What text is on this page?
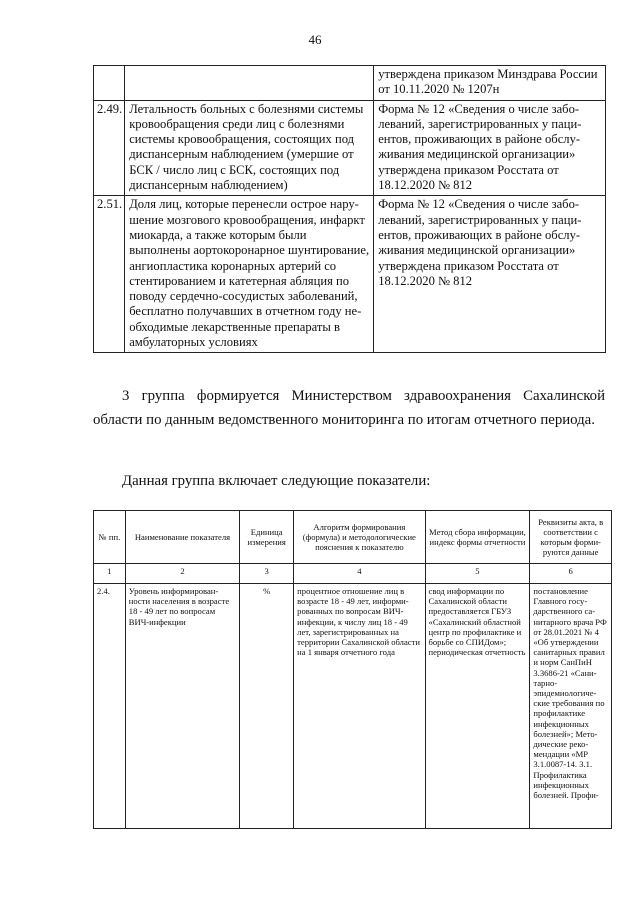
46
		утверждена приказом Минздрава России от 10.11.2020 № 1207н
2.49.	Летальность больных с болезнями системы кровообращения среди лиц с болезнями системы кровообращения, состоящих под диспансерным наблюдением (умершие от БСК / число лиц с БСК, состоящих под диспансерным наблюдением)	Форма № 12 «Сведения о числе заболеваний, зарегистрированных у пациентов, проживающих в районе обслуживания медицинской организации» утверждена приказом Росстата от 18.12.2020 № 812
2.51.	Доля лиц, которые перенесли острое нарушение мозгового кровообращения, инфаркт миокарда, а также которым были выполнены аортокоронарное шунтирование, ангиопластика коронарных артерий со стентированием и катетерная абляция по поводу сердечно-сосудистых заболеваний, бесплатно получавших в отчетном году необходимые лекарственные препараты в амбулаторных условиях	Форма № 12 «Сведения о числе заболеваний, зарегистрированных у пациентов, проживающих в районе обслуживания медицинской организации» утверждена приказом Росстата от 18.12.2020 № 812
3 группа формируется Министерством здравоохранения Сахалинской области по данным ведомственного мониторинга по итогам отчетного периода.
Данная группа включает следующие показатели:
№ пп.	Наименование показателя	Единица измерения	Алгоритм формирования (формула) и методологические пояснения к показателю	Метод сбора информации, индекс формы отчетности	Реквизиты акта, в соответствии с которым формируются данные
1	2	3	4	5	6
2.4.	Уровень информированности населения в возрасте 18 - 49 лет по вопросам ВИЧ-инфекции	%	процентное отношение лиц в возрасте 18 - 49 лет, информированных по вопросам ВИЧ-инфекции, к числу лиц 18 - 49 лет, зарегистрированных на территории Сахалинской области на 1 января отчетного года	свод информации по Сахалинской области предоставляется ГБУЗ «Сахалинский областной центр по профилактике и борьбе со СПИДом»; периодическая отчетность	постановление Главного государственного санитарного врача РФ от 28.01.2021 № 4 «Об утверждении санитарных правил и норм СанПиН 3.3686-21 «Санитарно-эпидемиологические требования по профилактике инфекционных болезней»; Методические рекомендации «МР 3.1.0087-14. 3.1. Профилактика инфекционных болезней. Профи-
